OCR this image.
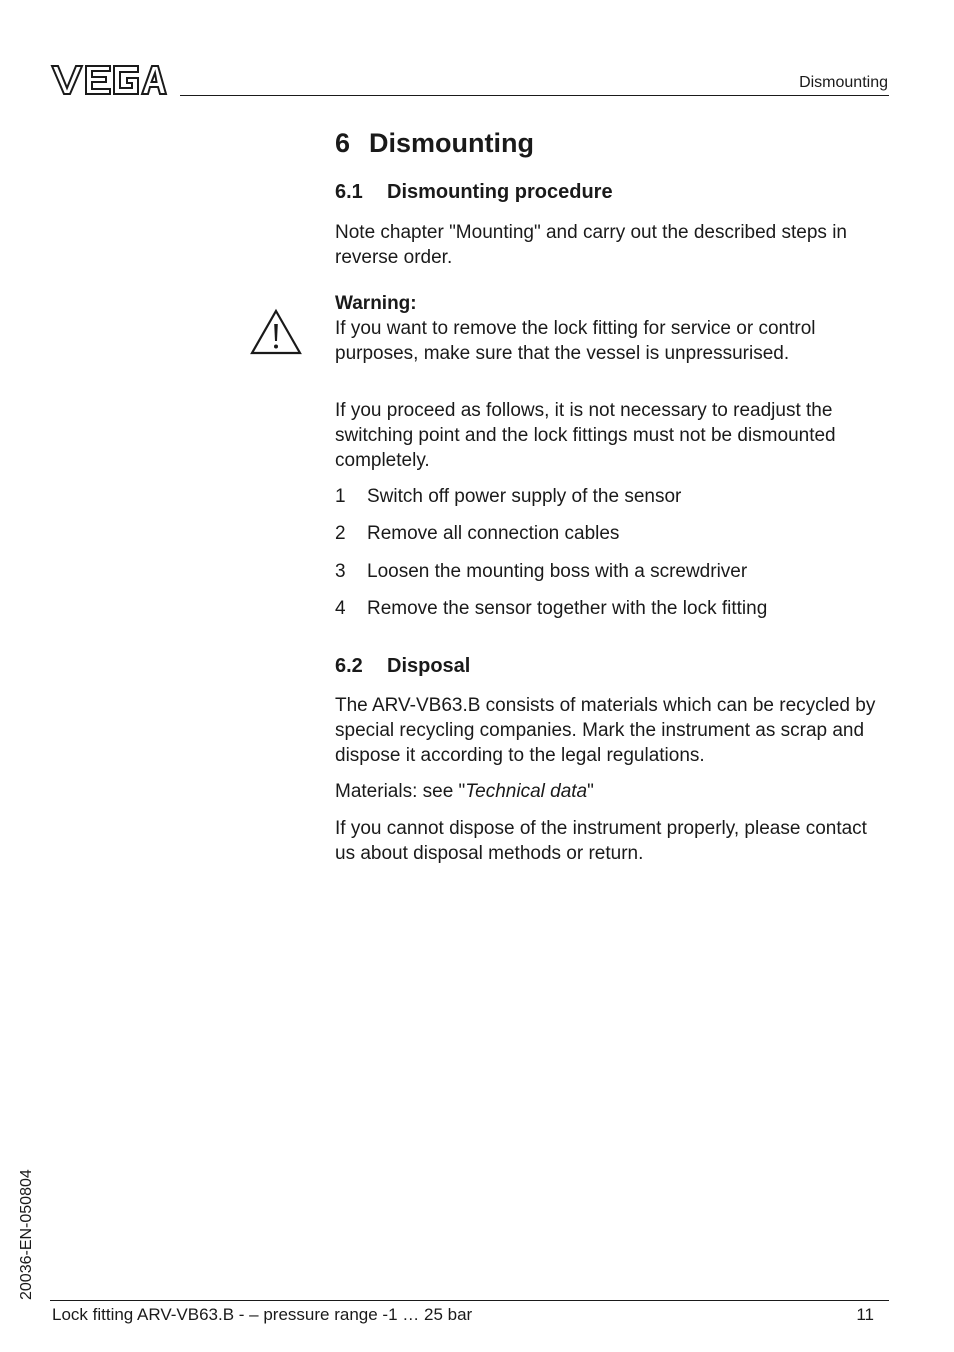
Dismounting
6 Dismounting
6.1 Dismounting procedure

Note chapter "Mounting" and carry out the described steps in reverse order.

Warning:
If you want to remove the lock fitting for service or control purposes, make sure that the vessel is unpressurised.

If you proceed as follows, it is not necessary to readjust the switching point and the lock fittings must not be dismounted completely.

1 Switch off power supply of the sensor
2 Remove all connection cables
3 Loosen the mounting boss with a screwdriver
4 Remove the sensor together with the lock fitting
6.2 Disposal

The ARV-VB63.B consists of materials which can be recycled by special recycling companies. Mark the instrument as scrap and dispose it according to the legal regulations.

Materials: see "Technical data"

If you cannot dispose of the instrument properly, please contact us about disposal methods or return.

20036-EN-050804
Lock fitting ARV-VB63.B - – pressure range -1 … 25 bar	11
